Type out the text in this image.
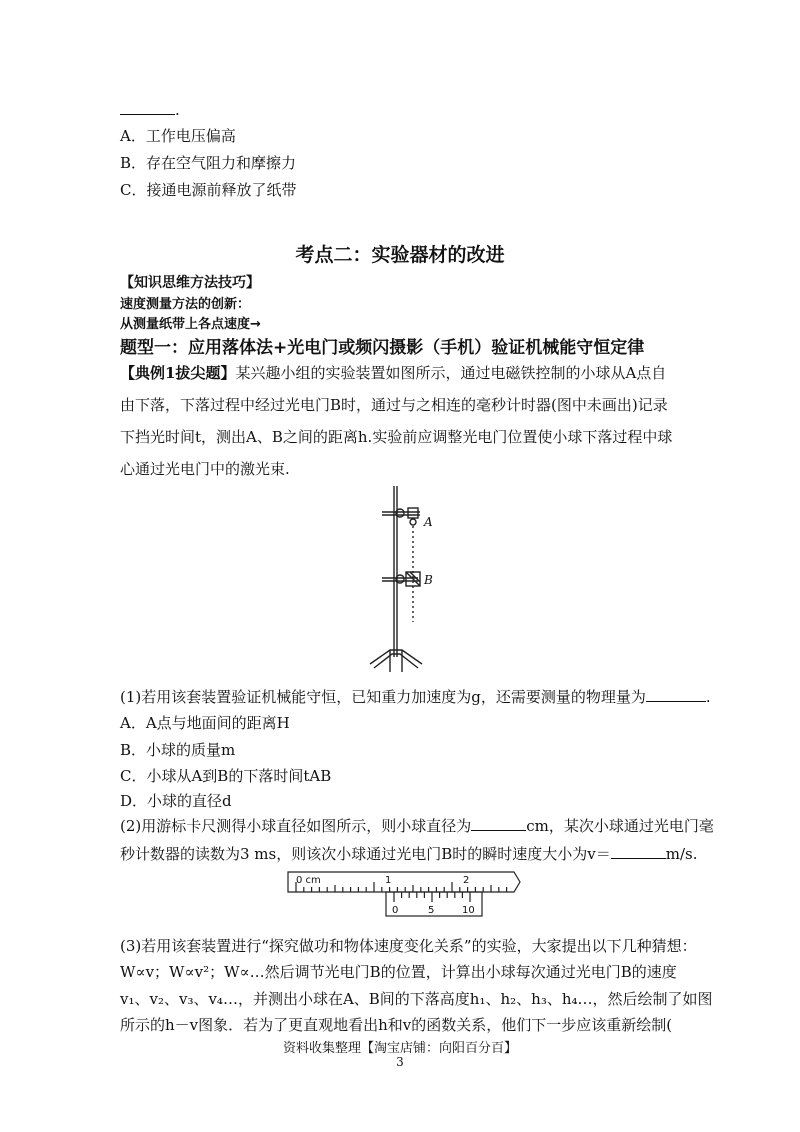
.
A．工作电压偏高
B．存在空气阻力和摩擦力
C．接通电源前释放了纸带
考点二：实验器材的改进
【知识思维方法技巧】
速度测量方法的创新：
从测量纸带上各点速度→
题型一：应用落体法+光电门或频闪摄影（手机）验证机械能守恒定律
【典例1拔尖题】某兴趣小组的实验装置如图所示，通过电磁铁控制的小球从A点自由下落，下落过程中经过光电门B时，通过与之相连的毫秒计时器(图中未画出)记录下挡光时间t，测出A、B之间的距离h.实验前应调整光电门位置使小球下落过程中球心通过光电门中的激光束.
A
B
(1)若用该套装置验证机械能守恒，已知重力加速度为g，还需要测量的物理量为	.
A．A点与地面间的距离H
B．小球的质量m
C．小球从A到B的下落时间tAB
D．小球的直径d
(2)用游标卡尺测得小球直径如图所示，则小球直径为	cm，某次小球通过光电门毫
秒计数器的读数为3 ms，则该次小球通过光电门B时的瞬时速度大小为v＝	m/s.
0 cm	1	2
0	5	10
(3)若用该套装置进行“探究做功和物体速度变化关系”的实验，大家提出以下几种猜想：
W∝v；W∝v²；W∝…然后调节光电门B的位置，计算出小球每次通过光电门B的速度
v₁、v₂、v₃、v₄…，并测出小球在A、B间的下落高度h₁、h₂、h₃、h₄…，然后绘制了如图
所示的h－v图象．若为了更直观地看出h和v的函数关系，他们下一步应该重新绘制(
资料收集整理【淘宝店铺：向阳百分百】
3
